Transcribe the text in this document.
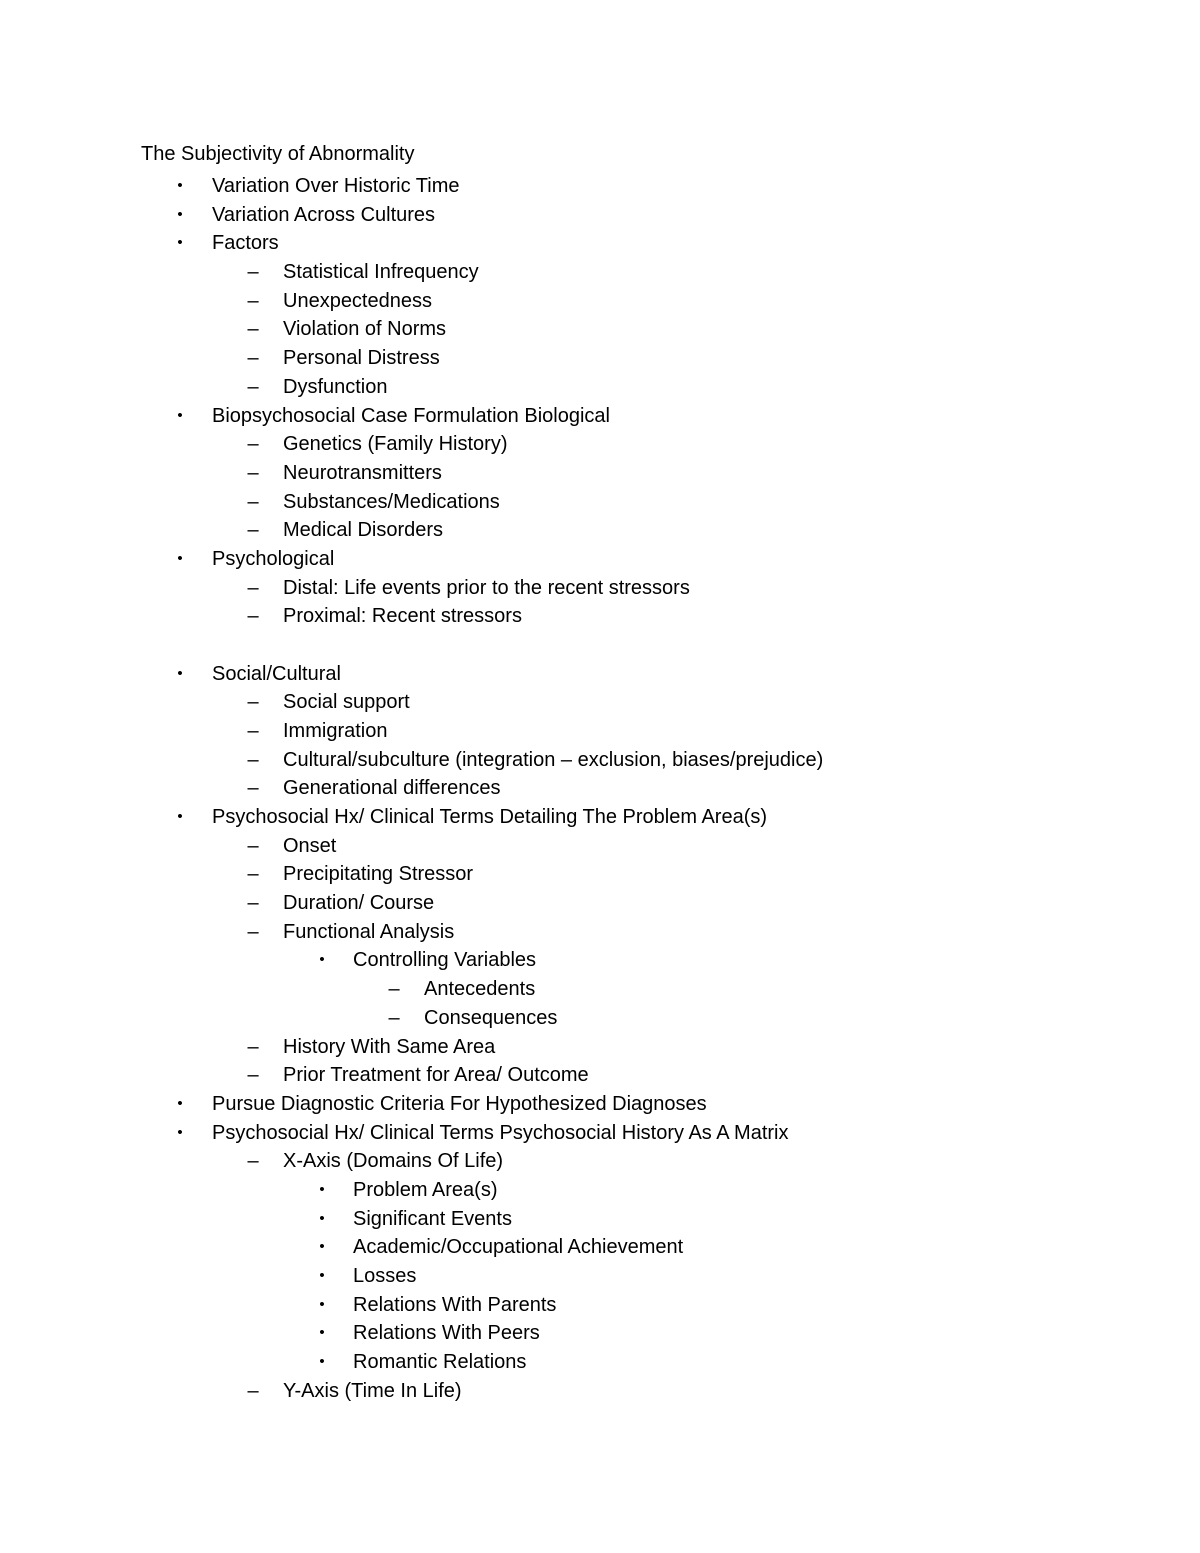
The Subjectivity of Abnormality
•	Variation Over Historic Time
•	Variation Across Cultures
•	Factors
– Statistical Infrequency
– Unexpectedness
– Violation of Norms
– Personal Distress
– Dysfunction
•	Biopsychosocial Case Formulation Biological
– Genetics (Family History)
– Neurotransmitters
– Substances/Medications
– Medical Disorders
•	Psychological
– Distal: Life events prior to the recent stressors
– Proximal: Recent stressors
•	Social/Cultural
– Social support
– Immigration
– Cultural/subculture (integration – exclusion, biases/prejudice)
– Generational differences
•	Psychosocial Hx/ Clinical Terms Detailing The Problem Area(s)
– Onset
– Precipitating Stressor
– Duration/ Course
– Functional Analysis
•	Controlling Variables
– Antecedents
– Consequences
– History With Same Area
– Prior Treatment for Area/ Outcome
•	Pursue Diagnostic Criteria For Hypothesized Diagnoses
•	Psychosocial Hx/ Clinical Terms Psychosocial History As A Matrix
– X-Axis (Domains Of Life)
•	Problem Area(s)
•	Significant Events
•	Academic/Occupational Achievement
•	Losses
•	Relations With Parents
•	Relations With Peers
•	Romantic Relations
– Y-Axis (Time In Life)
